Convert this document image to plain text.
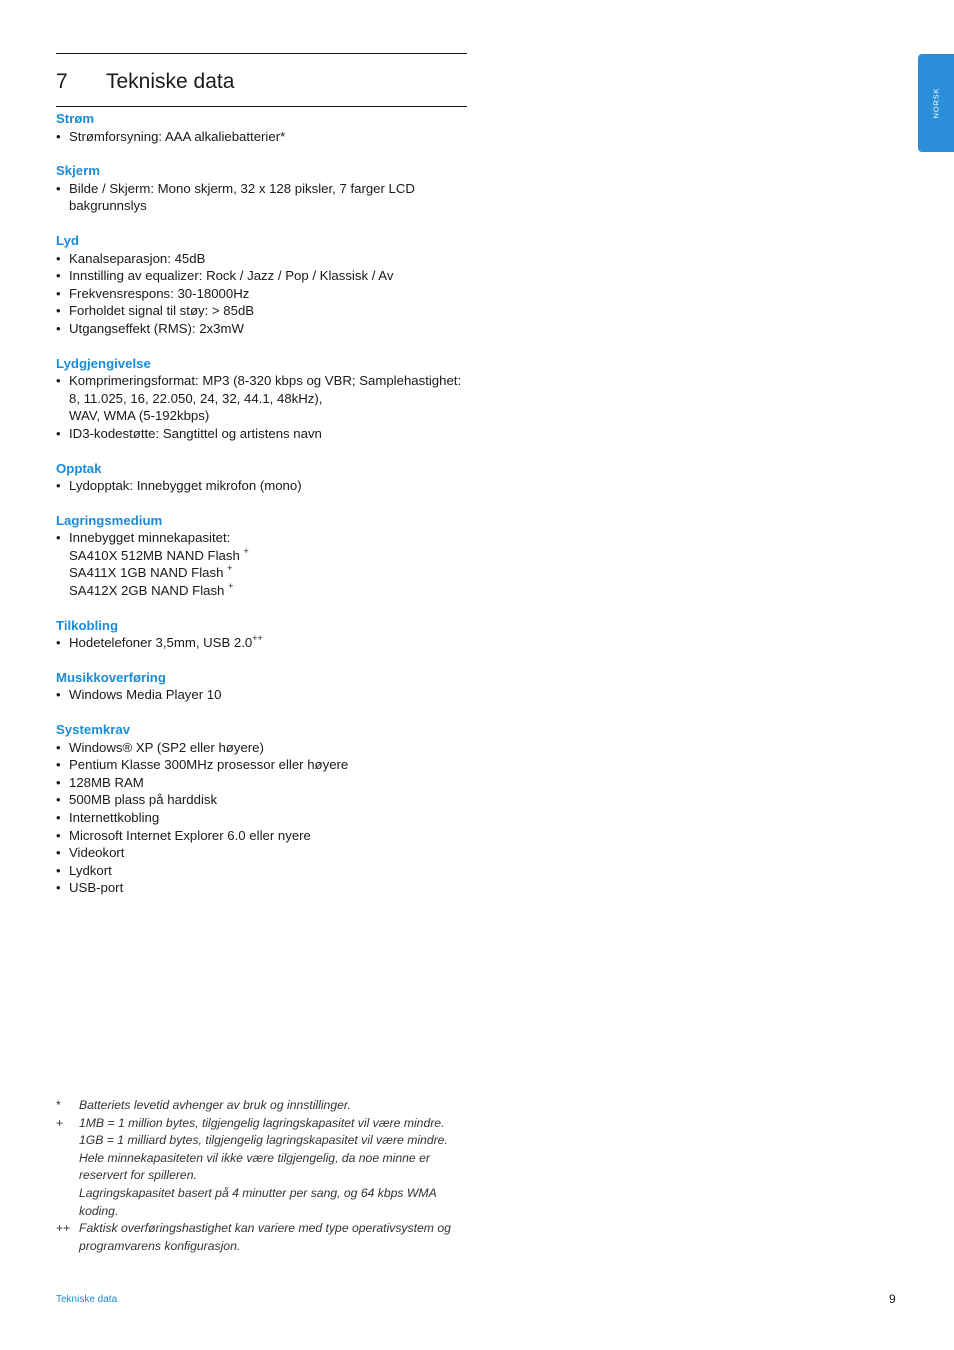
7 Tekniske data
Strøm
• Strømforsyning: AAA alkaliebatterier*
Skjerm
• Bilde / Skjerm: Mono skjerm, 32 x 128 piksler, 7 farger LCD
bakgrunnslys
Lyd
• Kanalseparasjon: 45dB
• Innstilling av equalizer: Rock / Jazz / Pop / Klassisk / Av
• Frekvensrespons: 30-18000Hz
• Forholdet signal til støy: > 85dB
• Utgangseffekt (RMS): 2x3mW
Lydgjengivelse
• Komprimeringsformat: MP3 (8-320 kbps og VBR; Samplehastighet:
8, 11.025, 16, 22.050, 24, 32, 44.1, 48kHz),
WAV, WMA (5-192kbps)
• ID3-kodestøtte: Sangtittel og artistens navn
Opptak
• Lydopptak: Innebygget mikrofon (mono)
Lagringsmedium
• Innebygget minnekapasitet:
SA410X 512MB NAND Flash +
SA411X 1GB NAND Flash +
SA412X 2GB NAND Flash +
Tilkobling
• Hodetelefoner 3,5mm, USB 2.0++
Musikkoverføring
• Windows Media Player 10
Systemkrav
• Windows® XP (SP2 eller høyere)
• Pentium Klasse 300MHz prosessor eller høyere
• 128MB RAM
• 500MB plass på harddisk
• Internettkobling
• Microsoft Internet Explorer 6.0 eller nyere
• Videokort
• Lydkort
• USB-port
* Batteriets levetid avhenger av bruk og innstillinger.
+ 1MB = 1 million bytes, tilgjengelig lagringskapasitet vil være mindre.
1GB = 1 milliard bytes, tilgjengelig lagringskapasitet vil være mindre.
Hele minnekapasiteten vil ikke være tilgjengelig, da noe minne er
reservert for spilleren.
Lagringskapasitet basert på 4 minutter per sang, og 64 kbps WMA
koding.
++ Faktisk overføringshastighet kan variere med type operativsystem og
programvarens konfigurasjon.
NORSK
Tekniske data	9
